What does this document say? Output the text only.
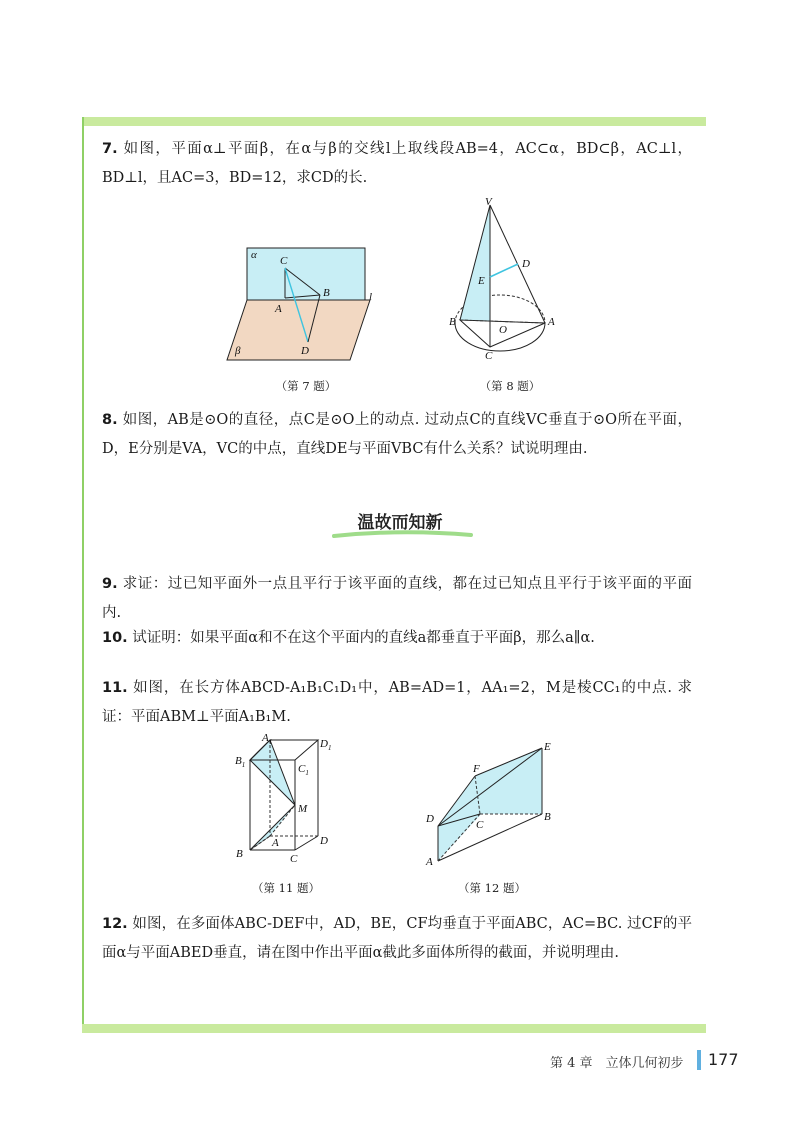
7. 如图，平面α⊥平面β，在α与β的交线l上取线段AB=4，AC⊂α，BD⊂β，AC⊥l，BD⊥l，且AC=3，BD=12，求CD的长.
α
β
C
A
B
D
l
（第 7 题）
V
D
E
B
O
A
C
（第 8 题）
8. 如图，AB是⊙O的直径，点C是⊙O上的动点. 过动点C的直线VC垂直于⊙O所在平面，D，E分别是VA，VC的中点，直线DE与平面VBC有什么关系？试说明理由.
温故而知新
9. 求证：过已知平面外一点且平行于该平面的直线，都在过已知点且平行于该平面的平面内.
10. 试证明：如果平面α和不在这个平面内的直线a都垂直于平面β，那么a∥α.
11. 如图，在长方体ABCD-A₁B₁C₁D₁中，AB=AD=1，AA₁=2，M是棱CC₁的中点. 求证：平面ABM⊥平面A₁B₁M.
$A_1$	$D_1$
$B_1$	$C_1$
M
B	C
D
A
（第 11 题）
E
F
D	C
B
A
（第 12 题）
12. 如图，在多面体ABC-DEF中，AD，BE，CF均垂直于平面ABC，AC=BC. 过CF的平面α与平面ABED垂直，请在图中作出平面α截此多面体所得的截面，并说明理由.
第 4 章　立体几何初步 177
